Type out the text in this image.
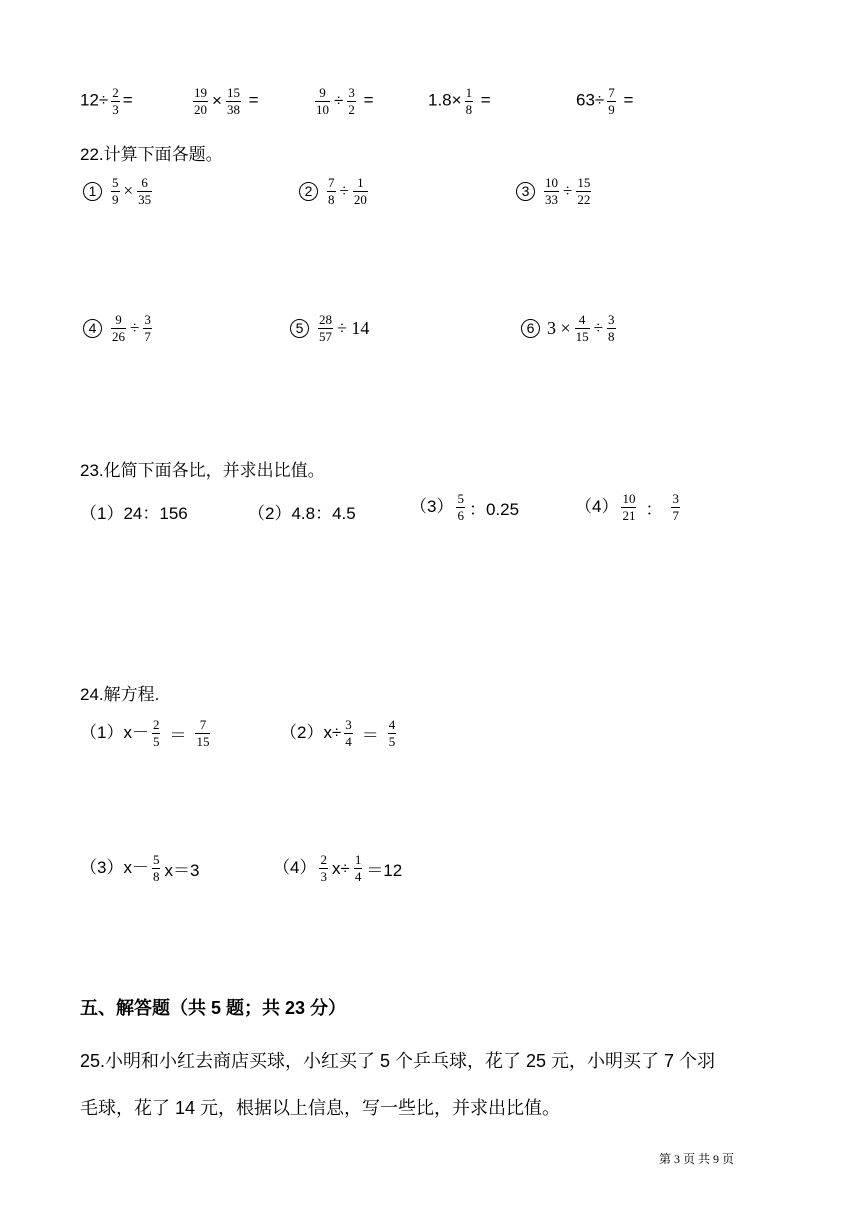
$12\div \frac{2}{3}$ =	$\frac{19}{20} \times \frac{15}{38}$ =	$\frac{9}{10} \div \frac{3}{2}$ =	$1.8\times \frac{1}{8}$ =	$63\div \frac{7}{9}$ =
22.计算下面各题。
$1 \frac{5}{9} \times \frac{6}{35}$	$2 \frac{7}{8} \div \frac{1}{20}$	$3 \frac{10}{33} \div \frac{15}{22}$
$4 \frac{9}{26} \div \frac{3}{7}$	$5 \frac{28}{57} \div 14$	6 $3 \times \frac{4}{15} \div \frac{3}{8}$
23.化简下面各比，并求出比值。
（1）24：156	（2）4.8：4.5	$(3) \frac{5}{6}$ ：0.25	$(4) \frac{10}{21}$ ： $\frac{3}{7}$
24.解方程.
$(1)x- \frac{2}{5} = \frac{7}{15}$	$(2)x\div \frac{3}{4} = \frac{4}{5}$
$(3)x- \frac{5}{8} x=3$	$(4) \frac{2}{3} x\div \frac{1}{4} =12$
五、解答题（共 5 题；共 23 分）
25.小明和小红去商店买球，小红买了 5 个乒乓球，花了 25 元，小明买了 7 个羽
毛球，花了 14 元，根据以上信息，写一些比，并求出比值。
第 3 页 共 9 页
